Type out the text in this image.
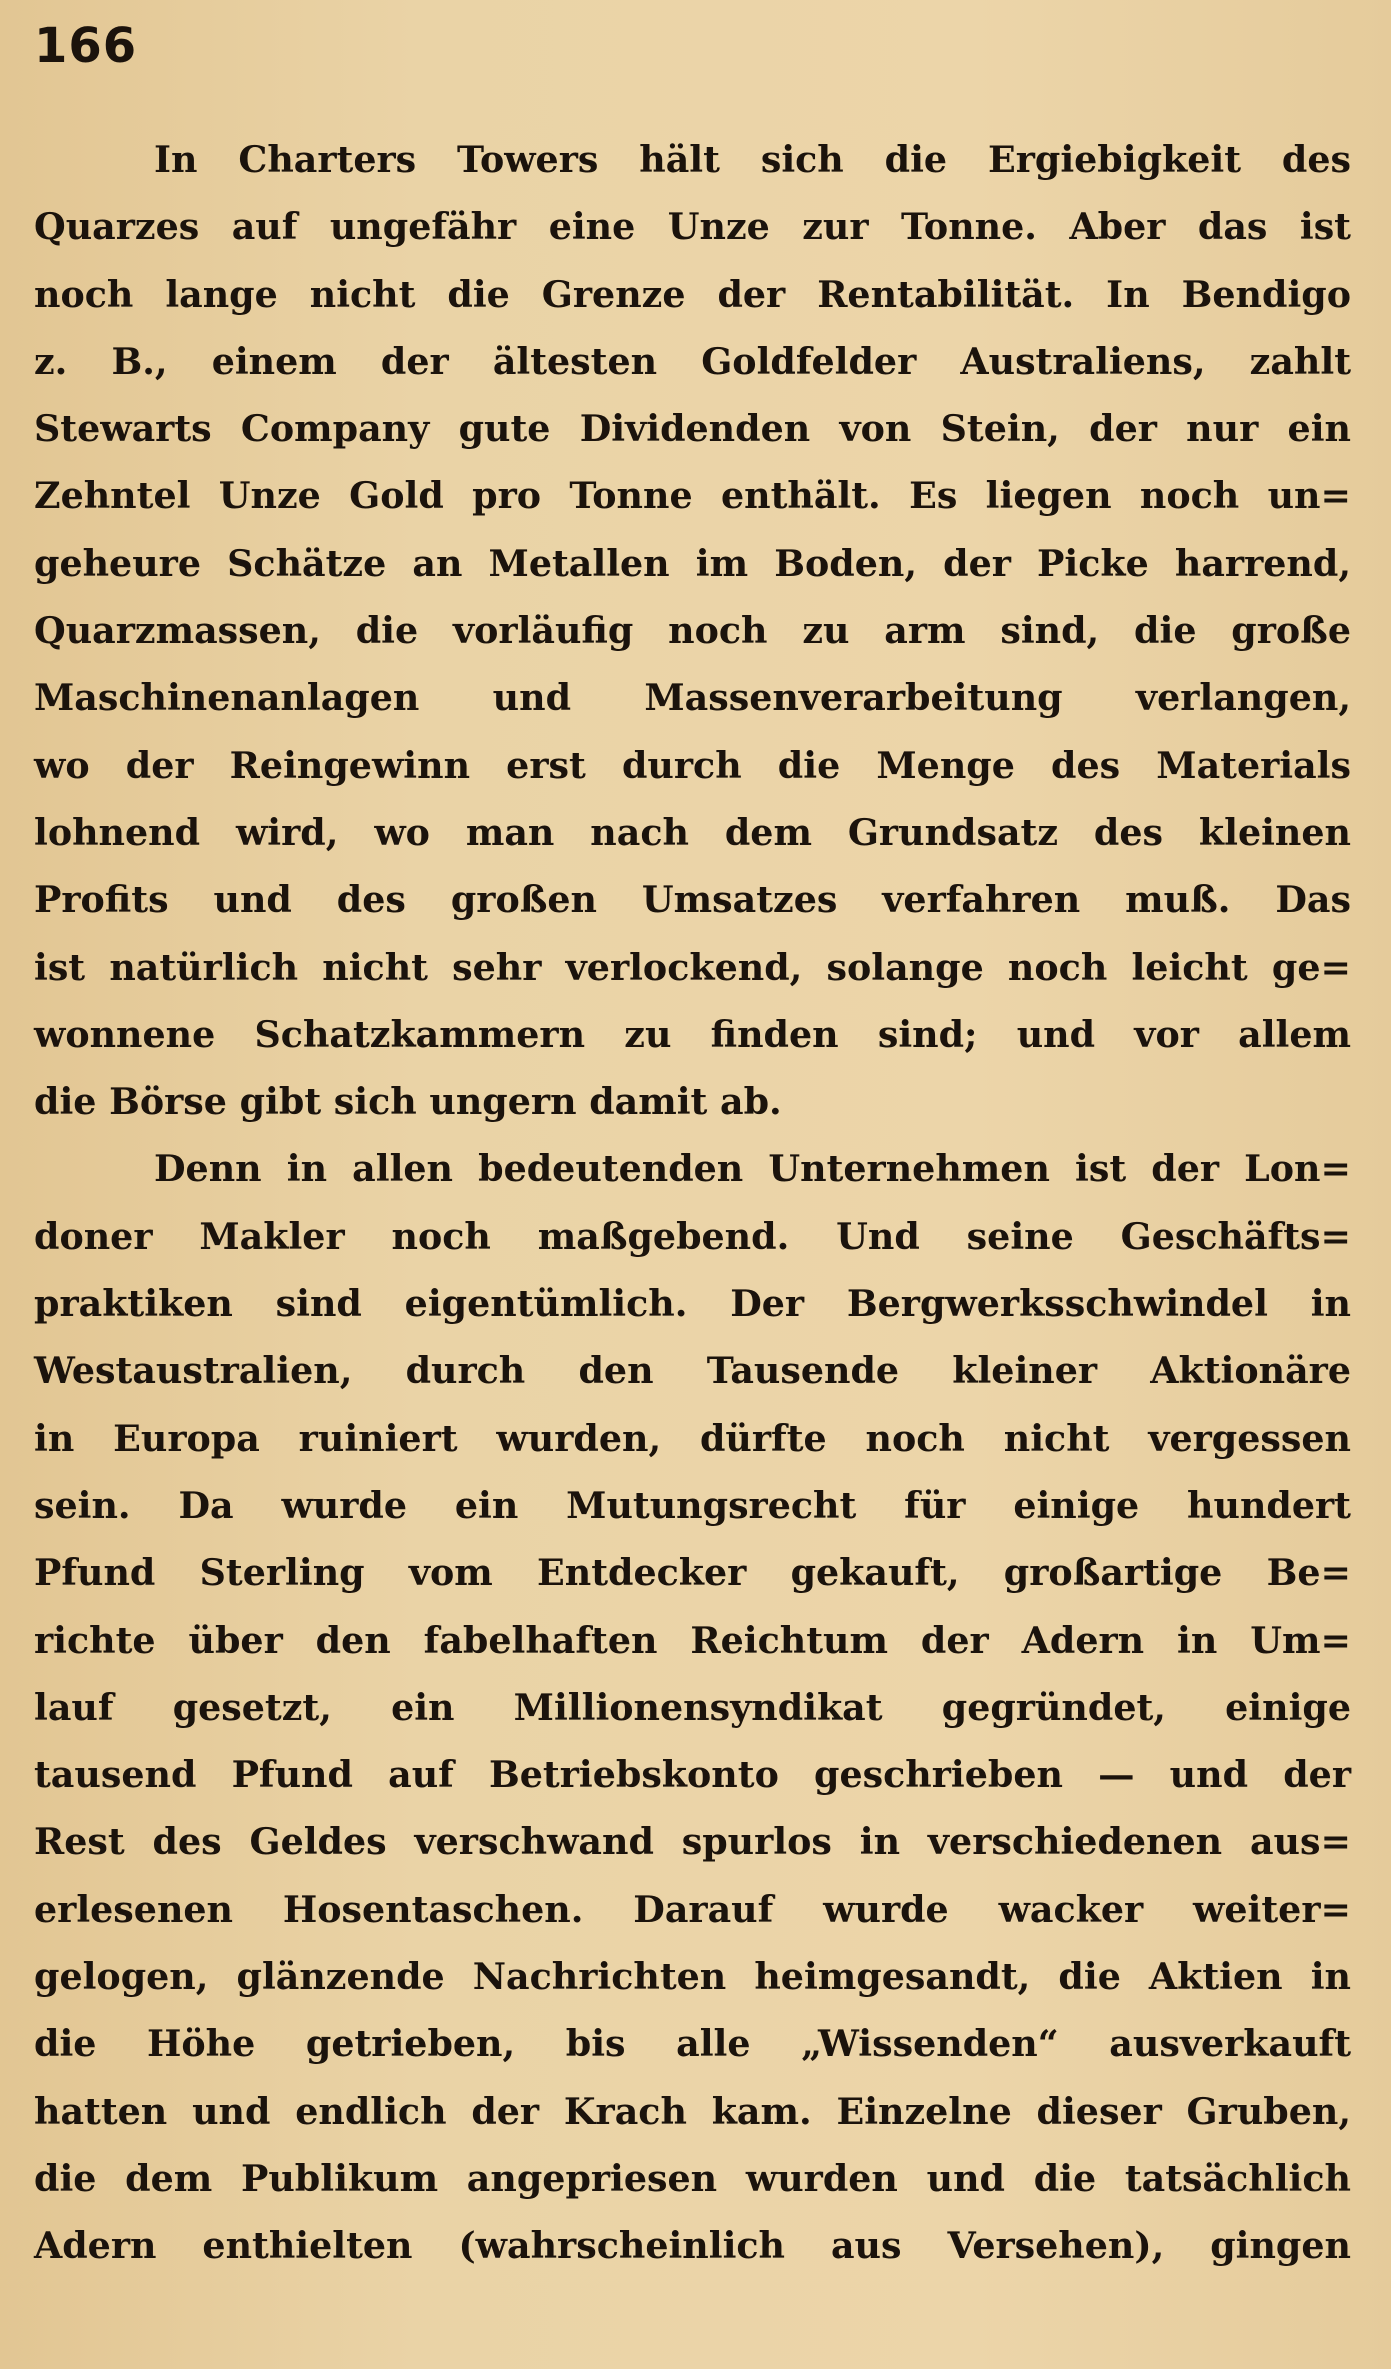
166
In Charters Towers hält sich die Ergiebigkeit des
Quarzes auf ungefähr eine Unze zur Tonne. Aber das ist
noch lange nicht die Grenze der Rentabilität. In Bendigo
z. B., einem der ältesten Goldfelder Australiens, zahlt
Stewarts Company gute Dividenden von Stein, der nur ein
Zehntel Unze Gold pro Tonne enthält. Es liegen noch un=
geheure Schätze an Metallen im Boden, der Picke harrend,
Quarzmassen, die vorläufig noch zu arm sind, die große
Maschinenanlagen und Massenverarbeitung verlangen,
wo der Reingewinn erst durch die Menge des Materials
lohnend wird, wo man nach dem Grundsatz des kleinen
Profits und des großen Umsatzes verfahren muß. Das
ist natürlich nicht sehr verlockend, solange noch leicht ge=
wonnene Schatzkammern zu finden sind; und vor allem
die Börse gibt sich ungern damit ab.
Denn in allen bedeutenden Unternehmen ist der Lon=
doner Makler noch maßgebend. Und seine Geschäfts=
praktiken sind eigentümlich. Der Bergwerksschwindel in
Westaustralien, durch den Tausende kleiner Aktionäre
in Europa ruiniert wurden, dürfte noch nicht vergessen
sein. Da wurde ein Mutungsrecht für einige hundert
Pfund Sterling vom Entdecker gekauft, großartige Be=
richte über den fabelhaften Reichtum der Adern in Um=
lauf gesetzt, ein Millionensyndikat gegründet, einige
tausend Pfund auf Betriebskonto geschrieben — und der
Rest des Geldes verschwand spurlos in verschiedenen aus=
erlesenen Hosentaschen. Darauf wurde wacker weiter=
gelogen, glänzende Nachrichten heimgesandt, die Aktien in
die Höhe getrieben, bis alle „Wissenden“ ausverkauft
hatten und endlich der Krach kam. Einzelne dieser Gruben,
die dem Publikum angepriesen wurden und die tatsächlich
Adern enthielten (wahrscheinlich aus Versehen), gingen
